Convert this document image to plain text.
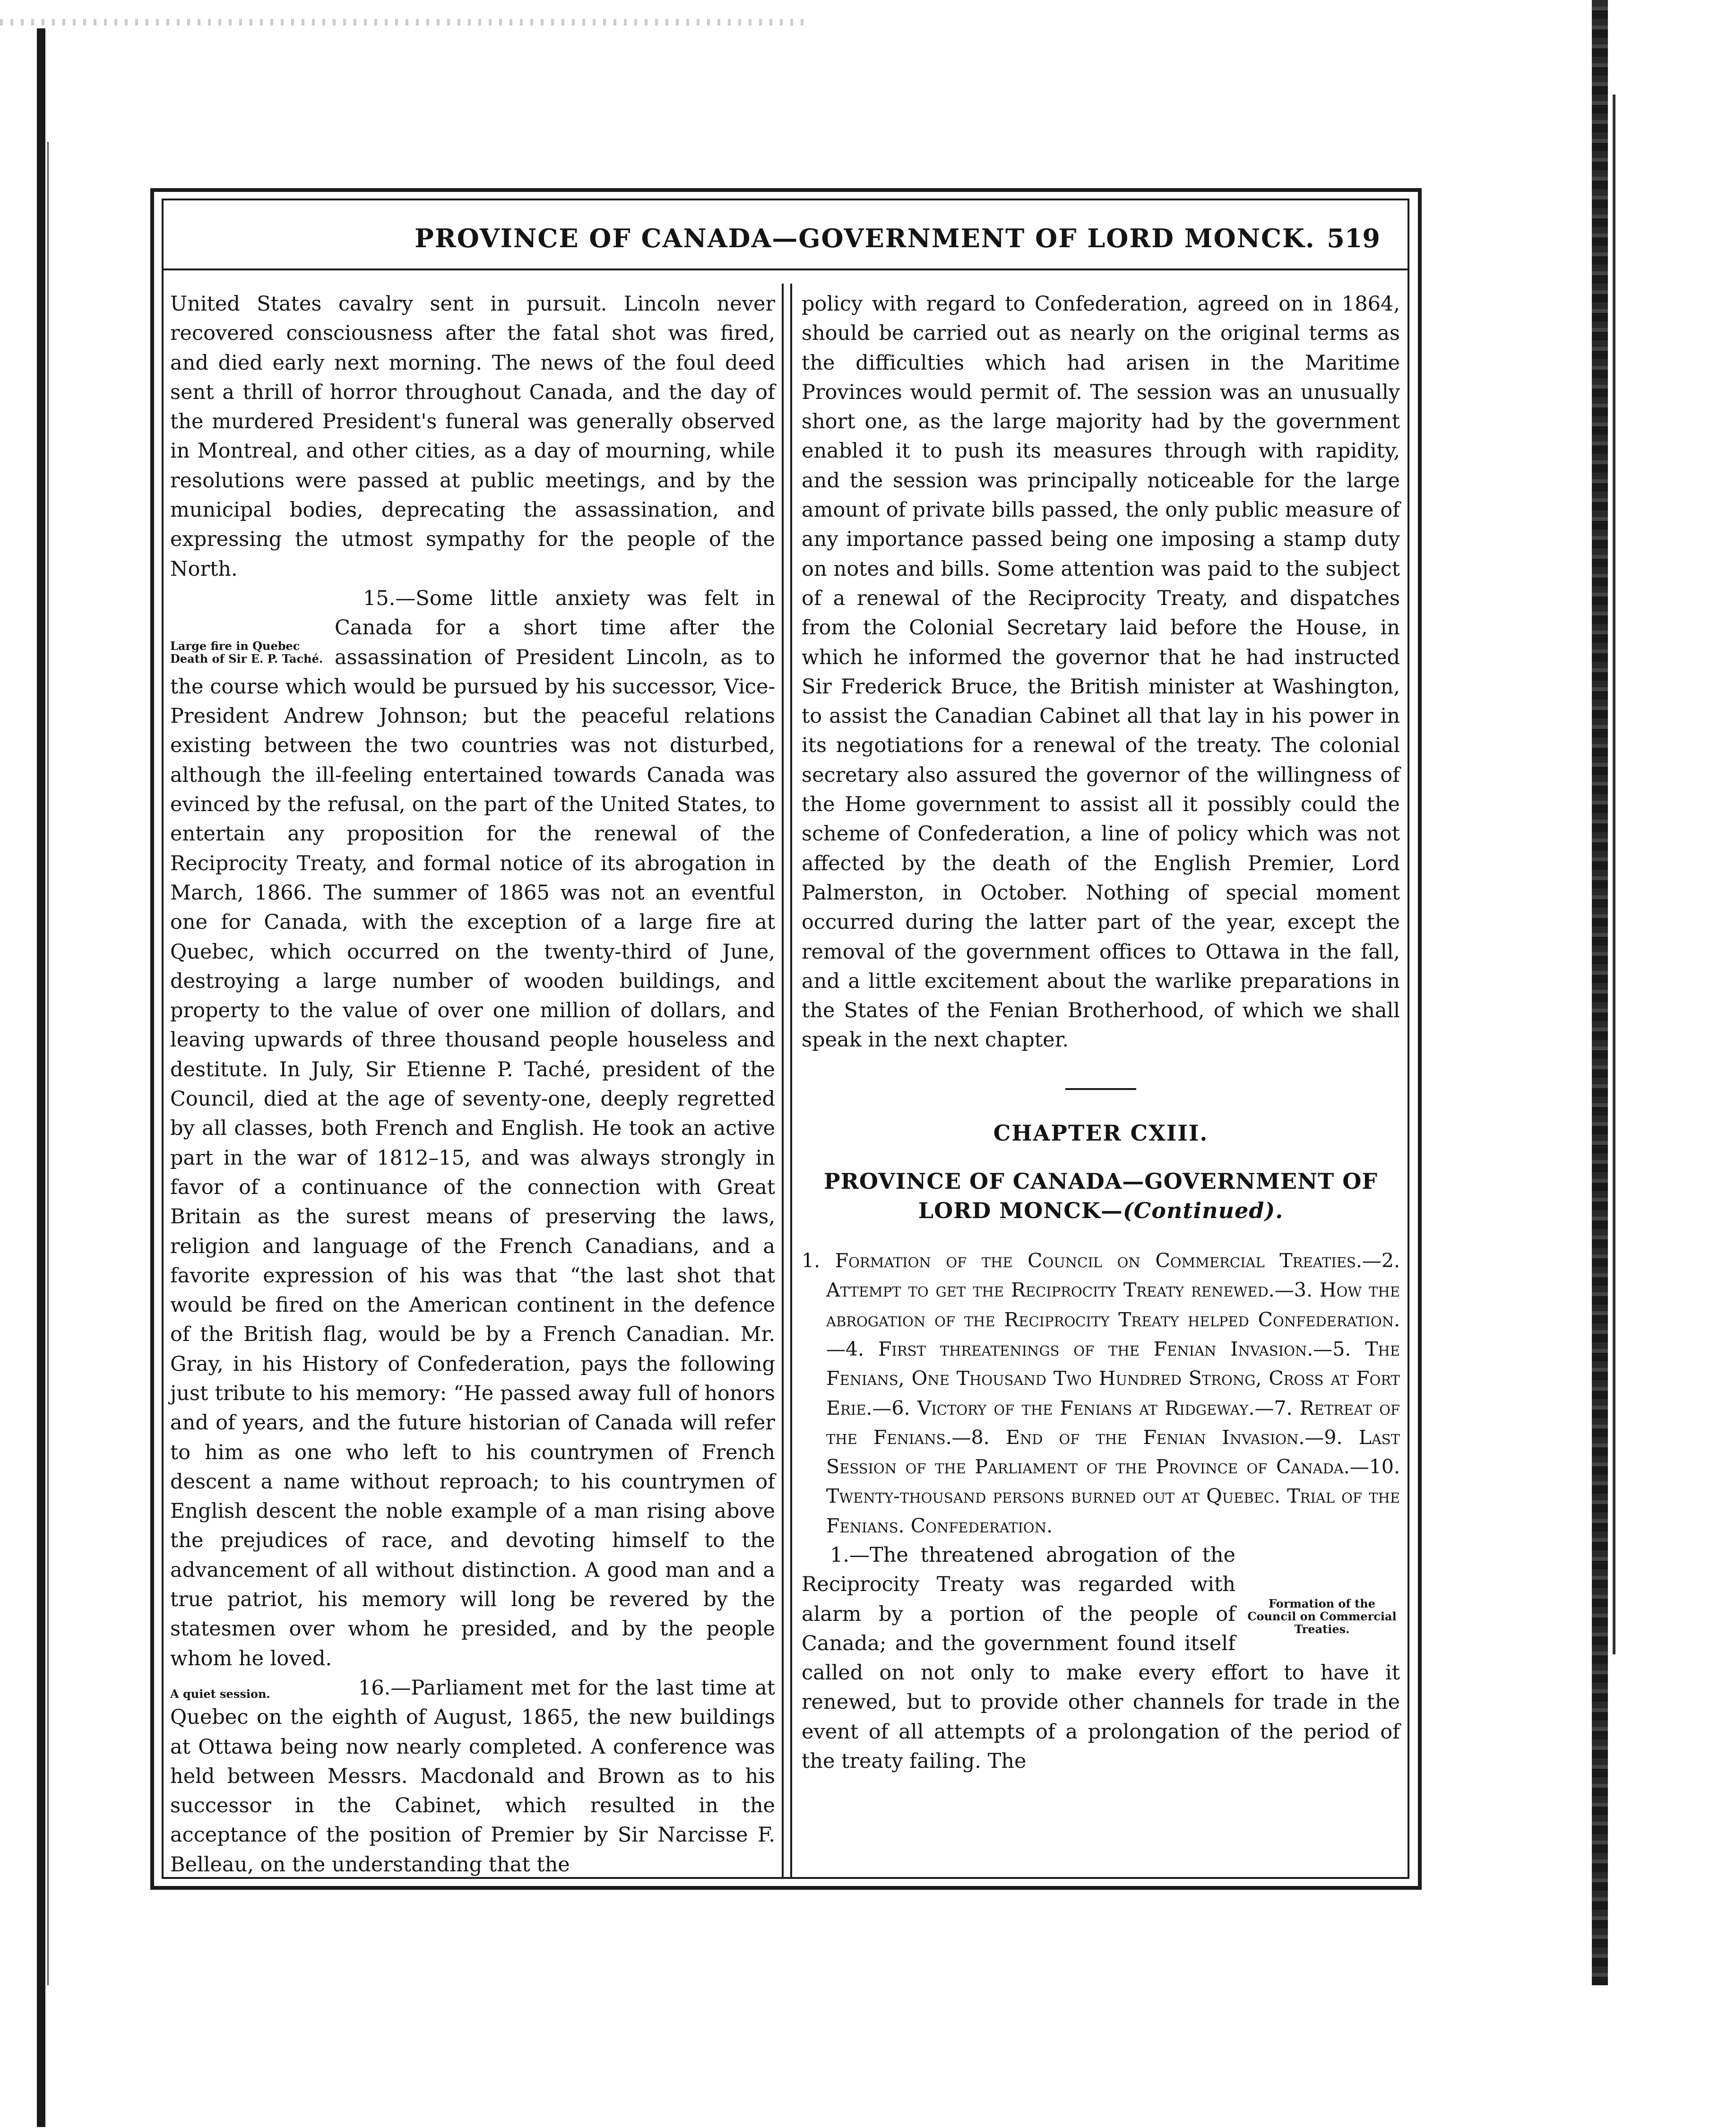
PROVINCE OF CANADA—GOVERNMENT OF LORD MONCK. 519

United States cavalry sent in pursuit. Lincoln never recovered consciousness after the fatal shot was fired, and died early next morning. The news of the foul deed sent a thrill of horror throughout Canada, and the day of the murdered President's funeral was generally observed in Montreal, and other cities, as a day of mourning, while resolutions were passed at public meetings, and by the municipal bodies, deprecating the assassination, and expressing the utmost sympathy for the people of the North.

Large fire in Quebec Death of Sir E. P. Taché.

15.—Some little anxiety was felt in Canada for a short time after the assassination of President Lincoln, as to the course which would be pursued by his successor, Vice-President Andrew Johnson; but the peaceful relations existing between the two countries was not disturbed, although the ill-feeling entertained towards Canada was evinced by the refusal, on the part of the United States, to entertain any proposition for the renewal of the Reciprocity Treaty, and formal notice of its abrogation in March, 1866. The summer of 1865 was not an eventful one for Canada, with the exception of a large fire at Quebec, which occurred on the twenty-third of June, destroying a large number of wooden buildings, and property to the value of over one million of dollars, and leaving upwards of three thousand people houseless and destitute. In July, Sir Etienne P. Taché, president of the Council, died at the age of seventy-one, deeply regretted by all classes, both French and English. He took an active part in the war of 1812–15, and was always strongly in favor of a continuance of the connection with Great Britain as the surest means of preserving the laws, religion and language of the French Canadians, and a favorite expression of his was that “the last shot that would be fired on the American continent in the defence of the British flag, would be by a French Canadian. Mr. Gray, in his History of Confederation, pays the following just tribute to his memory: “He passed away full of honors and of years, and the future historian of Canada will refer to him as one who left to his countrymen of French descent a name without reproach; to his countrymen of English descent the noble example of a man rising above the prejudices of race, and devoting himself to the advancement of all without distinction. A good man and a true patriot, his memory will long be revered by the statesmen over whom he presided, and by the people whom he loved.

A quiet session.	16.—Parliament met for the last time at Quebec on the eighth of August, 1865, the new buildings at Ottawa being now nearly completed. A conference was held between Messrs. Macdonald and Brown as to his successor in the Cabinet, which resulted in the acceptance of the position of Premier by Sir Narcisse F. Belleau, on the understanding that the

policy with regard to Confederation, agreed on in 1864, should be carried out as nearly on the original terms as the difficulties which had arisen in the Maritime Provinces would permit of. The session was an unusually short one, as the large majority had by the government enabled it to push its measures through with rapidity, and the session was principally noticeable for the large amount of private bills passed, the only public measure of any importance passed being one imposing a stamp duty on notes and bills. Some attention was paid to the subject of a renewal of the Reciprocity Treaty, and dispatches from the Colonial Secretary laid before the House, in which he informed the governor that he had instructed Sir Frederick Bruce, the British minister at Washington, to assist the Canadian Cabinet all that lay in his power in its negotiations for a renewal of the treaty. The colonial secretary also assured the governor of the willingness of the Home government to assist all it possibly could the scheme of Confederation, a line of policy which was not affected by the death of the English Premier, Lord Palmerston, in October. Nothing of special moment occurred during the latter part of the year, except the removal of the government offices to Ottawa in the fall, and a little excitement about the warlike preparations in the States of the Fenian Brotherhood, of which we shall speak in the next chapter.

CHAPTER CXIII.
PROVINCE OF CANADA—GOVERNMENT OF LORD MONCK—(Continued).

1. Formation of the Council on Commercial Treaties.—2. Attempt to get the Reciprocity Treaty renewed.—3. How the abrogation of the Reciprocity Treaty helped Confederation.—4. First threatenings of the Fenian Invasion.—5. The Fenians, One Thousand Two Hundred Strong, Cross at Fort Erie.—6. Victory of the Fenians at Ridgeway.—7. Retreat of the Fenians.—8. End of the Fenian Invasion.—9. Last Session of the Parliament of the Province of Canada.—10. Twenty-thousand persons burned out at Quebec. Trial of the Fenians. Confederation.

Formation of the Council on Commercial Treaties.

1.—The threatened abrogation of the Reciprocity Treaty was regarded with alarm by a portion of the people of Canada; and the government found itself called on not only to make every effort to have it renewed, but to provide other channels for trade in the event of all attempts of a prolongation of the period of the treaty failing. The
